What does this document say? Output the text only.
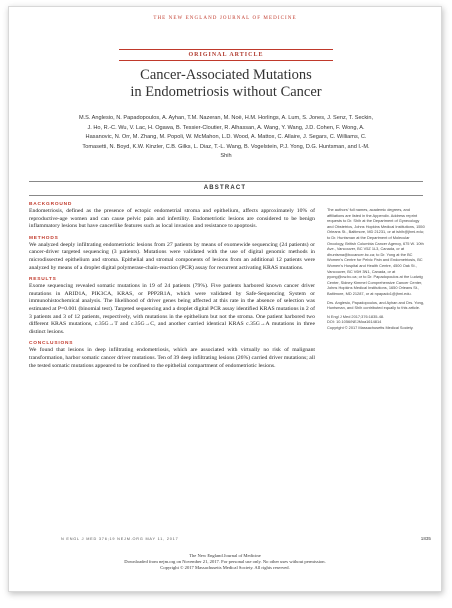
THE NEW ENGLAND JOURNAL OF MEDICINE
ORIGINAL ARTICLE
Cancer-Associated Mutations
in Endometriosis without Cancer
M.S. Anglesio, N. Papadopoulos, A. Ayhan, T.M. Nazeran, M. Noë, H.M. Horlings, A. Lum, S. Jones, J. Senz, T. Seckin, J. Ho, R.-C. Wu, V. Lac, H. Ogawa, B. Tessier-Cloutier, R. Alhassan, A. Wang, Y. Wang, J.D. Cohen, F. Wong, A. Hasanovic, N. Orr, M. Zhang, M. Popoli, W. McMahon, L.D. Wood, A. Mattox, C. Allaire, J. Segars, C. Williams, C. Tomasetti, N. Boyd, K.W. Kinzler, C.B. Gilks, L. Diaz, T.-L. Wang, B. Vogelstein, P.J. Yong, D.G. Huntsman, and I.-M. Shih
ABSTRACT
BACKGROUND

Endometriosis, defined as the presence of ectopic endometrial stroma and epithelium, affects approximately 10% of reproductive-age women and can cause pelvic pain and infertility. Endometriotic lesions are considered to be benign inflammatory lesions but have cancerlike features such as local invasion and resistance to apoptosis.

METHODS

We analyzed deeply infiltrating endometriotic lesions from 27 patients by means of exomewide sequencing (24 patients) or cancer-driver targeted sequencing (3 patients). Mutations were validated with the use of digital genomic methods in microdissected epithelium and stroma. Epithelial and stromal components of lesions from an additional 12 patients were analyzed by means of a droplet digital polymerase-chain-reaction (PCR) assay for recurrent activating KRAS mutations.

RESULTS

Exome sequencing revealed somatic mutations in 19 of 24 patients (79%). Five patients harbored known cancer driver mutations in ARID1A, PIK3CA, KRAS, or PPP2R1A, which were validated by Safe-Sequencing System or immunohistochemical analysis. The likelihood of driver genes being affected at this rate in the absence of selection was estimated at P=0.001 (binomial test). Targeted sequencing and a droplet digital PCR assay identified KRAS mutations in 2 of 3 patients and 3 of 12 patients, respectively, with mutations in the epithelium but not the stroma. One patient harbored two different KRAS mutations, c.35G→T and c.35G→C, and another carried identical KRAS c.35G→A mutations in three distinct lesions.

CONCLUSIONS

We found that lesions in deep infiltrating endometriosis, which are associated with virtually no risk of malignant transformation, harbor somatic cancer driver mutations. Ten of 39 deep infiltrating lesions (26%) carried driver mutations; all the tested somatic mutations appeared to be confined to the epithelial compartment of endometriotic lesions.

The authors' full names, academic degrees, and affiliations are listed in the Appendix. Address reprint requests to Dr. Shih at the Department of Gynecology and Obstetrics, Johns Hopkins Medical Institutions, 1550 Orleans St., Baltimore, MD 21231, or at ishih@jhmi.edu; to Dr. Huntsman at the Department of Molecular Oncology, British Columbia Cancer Agency, 675 W. 10th Ave., Vancouver, BC V5Z 1L3, Canada, or at dhuntsma@bccancer.bc.ca; to Dr. Yong at the BC Women's Centre for Pelvic Pain and Endometriosis, BC Women's Hospital and Health Centre, 4500 Oak St., Vancouver, BC V6H 3N1, Canada, or at pyong@cw.bc.ca; or to Dr. Papadopoulos at the Ludwig Center, Sidney Kimmel Comprehensive Cancer Center, Johns Hopkins Medical Institutions, 1650 Orleans St., Baltimore, MD 21287, or at npapado1@jhmi.edu.

Drs. Anglesio, Papadopoulos, and Ayhan and Drs. Yong, Huntsman, and Shih contributed equally to this article.

N Engl J Med 2017;376:1835-48.
DOI: 10.1056/NEJMoa1614814
Copyright © 2017 Massachusetts Medical Society.

N ENGL J MED 376;19 NEJM.ORG MAY 11, 2017	1835
The New England Journal of Medicine
Downloaded from nejm.org on November 21, 2017. For personal use only. No other uses without permission.
Copyright © 2017 Massachusetts Medical Society. All rights reserved.
